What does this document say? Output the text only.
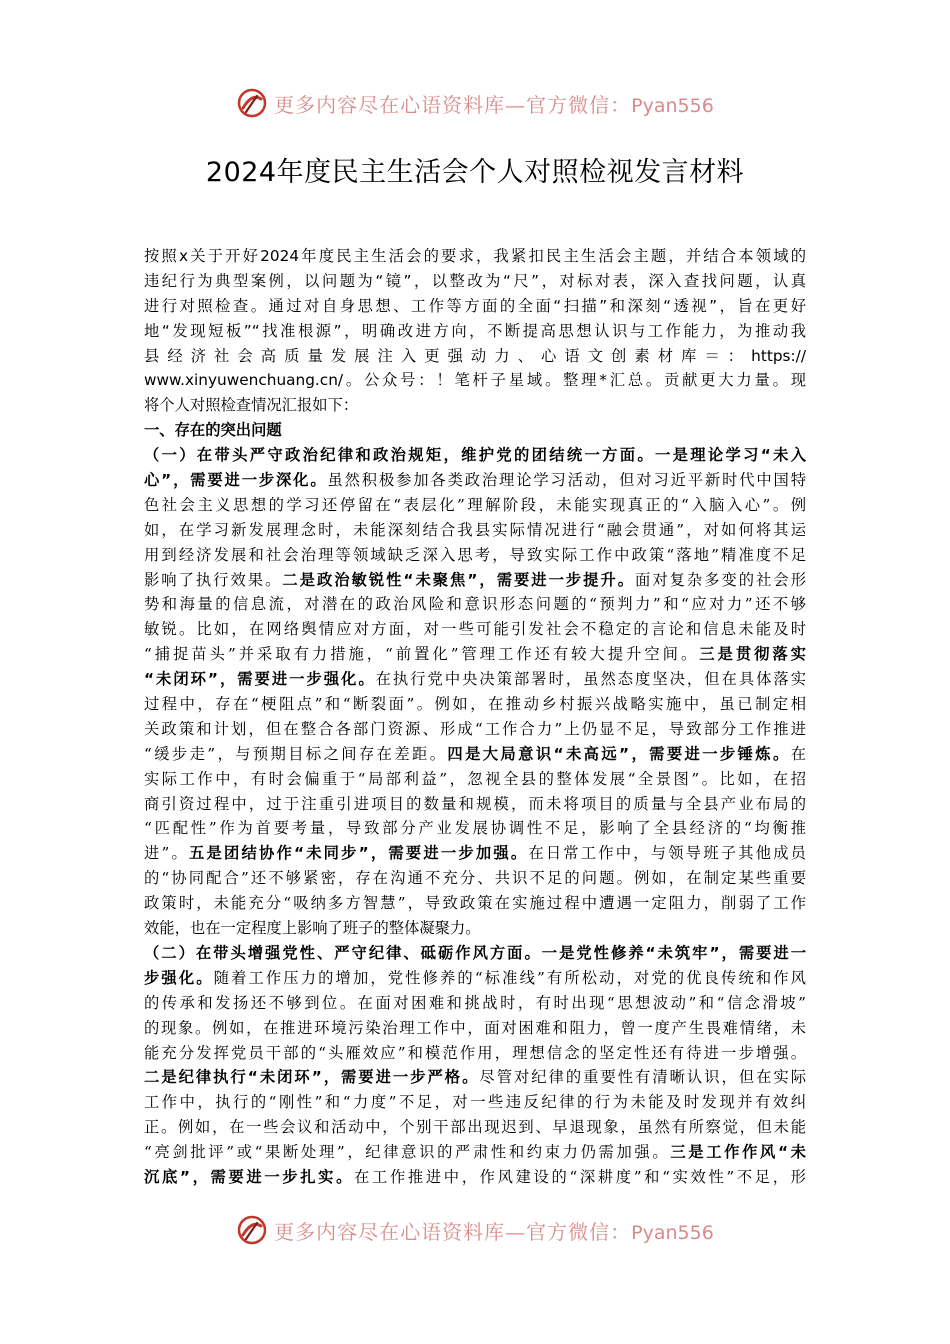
更多内容尽在心语资料库—官方微信：Pyan556
2024年度民主生活会个人对照检视发言材料
按照x关于开好2024年度民主生活会的要求，我紧扣民主生活会主题，并结合本领域的
违纪行为典型案例，以问题为“镜”，以整改为“尺”，对标对表，深入查找问题，认真
进行对照检查。通过对自身思想、工作等方面的全面“扫描”和深刻“透视”，旨在更好
地“发现短板”“找准根源”，明确改进方向，不断提高思想认识与工作能力，为推动我
县经济社会高质量发展注入更强动力、心语文创素材库＝：https://
www.xinyuwenchuang.cn/。公众号：！笔杆子星域。整理*汇总。贡献更大力量。现
将个人对照检查情况汇报如下：
一、存在的突出问题
（一）在带头严守政治纪律和政治规矩，维护党的团结统一方面。一是理论学习“未入
心”，需要进一步深化。虽然积极参加各类政治理论学习活动，但对习近平新时代中国特
色社会主义思想的学习还停留在“表层化”理解阶段，未能实现真正的“入脑入心”。例
如，在学习新发展理念时，未能深刻结合我县实际情况进行“融会贯通”，对如何将其运
用到经济发展和社会治理等领域缺乏深入思考，导致实际工作中政策“落地”精准度不足
影响了执行效果。二是政治敏锐性“未聚焦”，需要进一步提升。面对复杂多变的社会形
势和海量的信息流，对潜在的政治风险和意识形态问题的“预判力”和“应对力”还不够
敏锐。比如，在网络舆情应对方面，对一些可能引发社会不稳定的言论和信息未能及时
“捕捉苗头”并采取有力措施，“前置化”管理工作还有较大提升空间。三是贯彻落实
“未闭环”，需要进一步强化。在执行党中央决策部署时，虽然态度坚决，但在具体落实
过程中，存在“梗阻点”和“断裂面”。例如，在推动乡村振兴战略实施中，虽已制定相
关政策和计划，但在整合各部门资源、形成“工作合力”上仍显不足，导致部分工作推进
“缓步走”，与预期目标之间存在差距。四是大局意识“未高远”，需要进一步锤炼。在
实际工作中，有时会偏重于“局部利益”，忽视全县的整体发展“全景图”。比如，在招
商引资过程中，过于注重引进项目的数量和规模，而未将项目的质量与全县产业布局的
“匹配性”作为首要考量，导致部分产业发展协调性不足，影响了全县经济的“均衡推
进”。五是团结协作“未同步”，需要进一步加强。在日常工作中，与领导班子其他成员
的“协同配合”还不够紧密，存在沟通不充分、共识不足的问题。例如，在制定某些重要
政策时，未能充分“吸纳多方智慧”，导致政策在实施过程中遭遇一定阻力，削弱了工作
效能，也在一定程度上影响了班子的整体凝聚力。
（二）在带头增强党性、严守纪律、砥砺作风方面。一是党性修养“未筑牢”，需要进一
步强化。随着工作压力的增加，党性修养的“标准线”有所松动，对党的优良传统和作风
的传承和发扬还不够到位。在面对困难和挑战时，有时出现“思想波动”和“信念滑坡”
的现象。例如，在推进环境污染治理工作中，面对困难和阻力，曾一度产生畏难情绪，未
能充分发挥党员干部的“头雁效应”和模范作用，理想信念的坚定性还有待进一步增强。
二是纪律执行“未闭环”，需要进一步严格。尽管对纪律的重要性有清晰认识，但在实际
工作中，执行的“刚性”和“力度”不足，对一些违反纪律的行为未能及时发现并有效纠
正。例如，在一些会议和活动中，个别干部出现迟到、早退现象，虽然有所察觉，但未能
“亮剑批评”或“果断处理”，纪律意识的严肃性和约束力仍需加强。三是工作作风“未
沉底”，需要进一步扎实。在工作推进中，作风建设的“深耕度”和“实效性”不足，形
更多内容尽在心语资料库—官方微信：Pyan556
